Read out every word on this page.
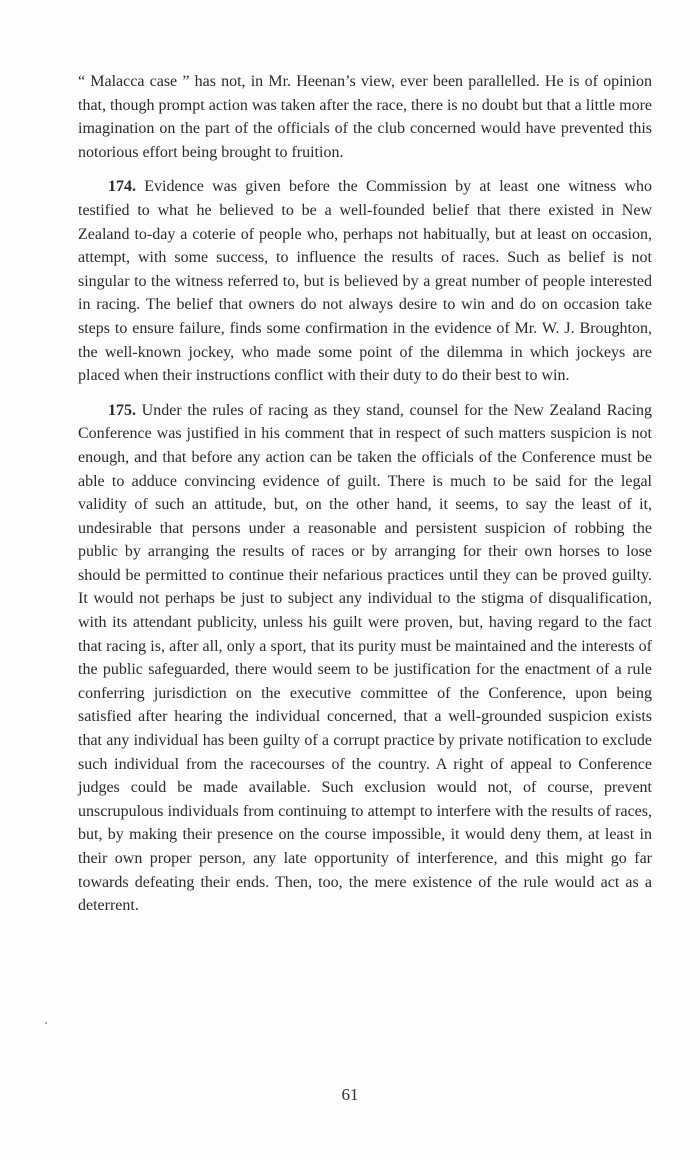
“ Malacca case ” has not, in Mr. Heenan’s view, ever been parallelled. He is of opinion that, though prompt action was taken after the race, there is no doubt but that a little more imagination on the part of the officials of the club concerned would have prevented this notorious effort being brought to fruition.

174. Evidence was given before the Commission by at least one witness who testified to what he believed to be a well-founded belief that there existed in New Zealand to-day a coterie of people who, perhaps not habitually, but at least on occasion, attempt, with some success, to influence the results of races. Such as belief is not singular to the witness referred to, but is believed by a great number of people interested in racing. The belief that owners do not always desire to win and do on occasion take steps to ensure failure, finds some confirmation in the evidence of Mr. W. J. Broughton, the well-known jockey, who made some point of the dilemma in which jockeys are placed when their instructions conflict with their duty to do their best to win.

175. Under the rules of racing as they stand, counsel for the New Zealand Racing Conference was justified in his comment that in respect of such matters suspicion is not enough, and that before any action can be taken the officials of the Conference must be able to adduce convincing evidence of guilt. There is much to be said for the legal validity of such an attitude, but, on the other hand, it seems, to say the least of it, undesirable that persons under a reasonable and persistent suspicion of robbing the public by arranging the results of races or by arranging for their own horses to lose should be permitted to continue their nefarious practices until they can be proved guilty. It would not perhaps be just to subject any individual to the stigma of disqualification, with its attendant publicity, unless his guilt were proven, but, having regard to the fact that racing is, after all, only a sport, that its purity must be maintained and the interests of the public safeguarded, there would seem to be justification for the enactment of a rule conferring jurisdiction on the executive committee of the Conference, upon being satisfied after hearing the individual concerned, that a well-grounded suspicion exists that any individual has been guilty of a corrupt practice by private notification to exclude such individual from the racecourses of the country. A right of appeal to Conference judges could be made available. Such exclusion would not, of course, prevent unscrupulous individuals from continuing to attempt to interfere with the results of races, but, by making their presence on the course impossible, it would deny them, at least in their own proper person, any late opportunity of interference, and this might go far towards defeating their ends. Then, too, the mere existence of the rule would act as a deterrent.

61
